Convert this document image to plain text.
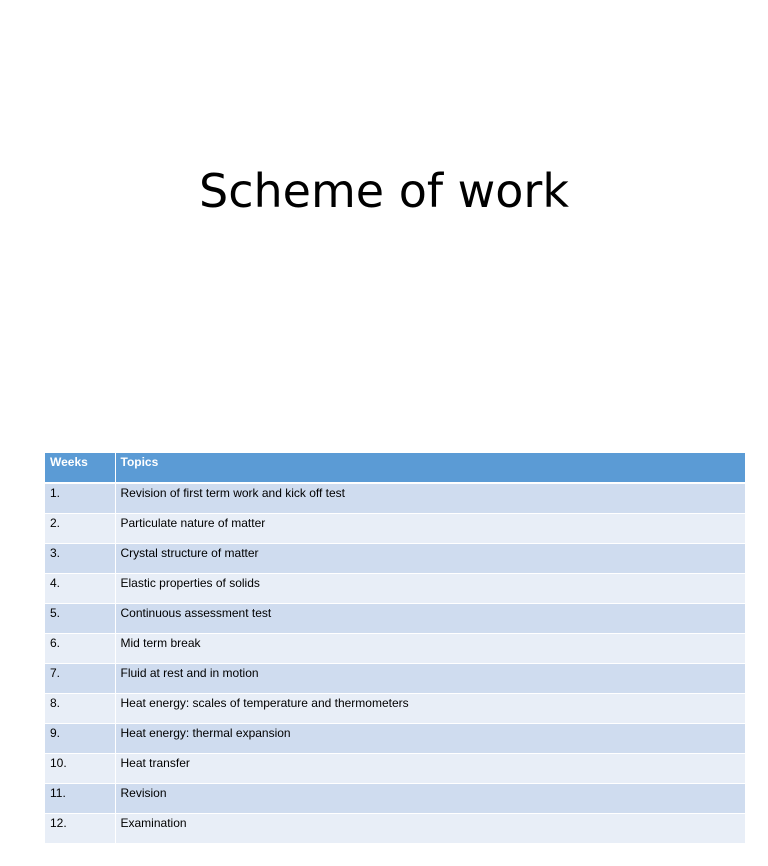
Scheme of work
Weeks	Topics
1.	Revision of first term work and kick off test
2.	Particulate nature of matter
3.	Crystal structure of matter
4.	Elastic properties of solids
5.	Continuous assessment test
6.	Mid term break
7.	Fluid at rest and in motion
8.	Heat energy: scales of temperature and thermometers
9.	Heat energy: thermal expansion
10.	Heat transfer
11.	Revision
12.	Examination
